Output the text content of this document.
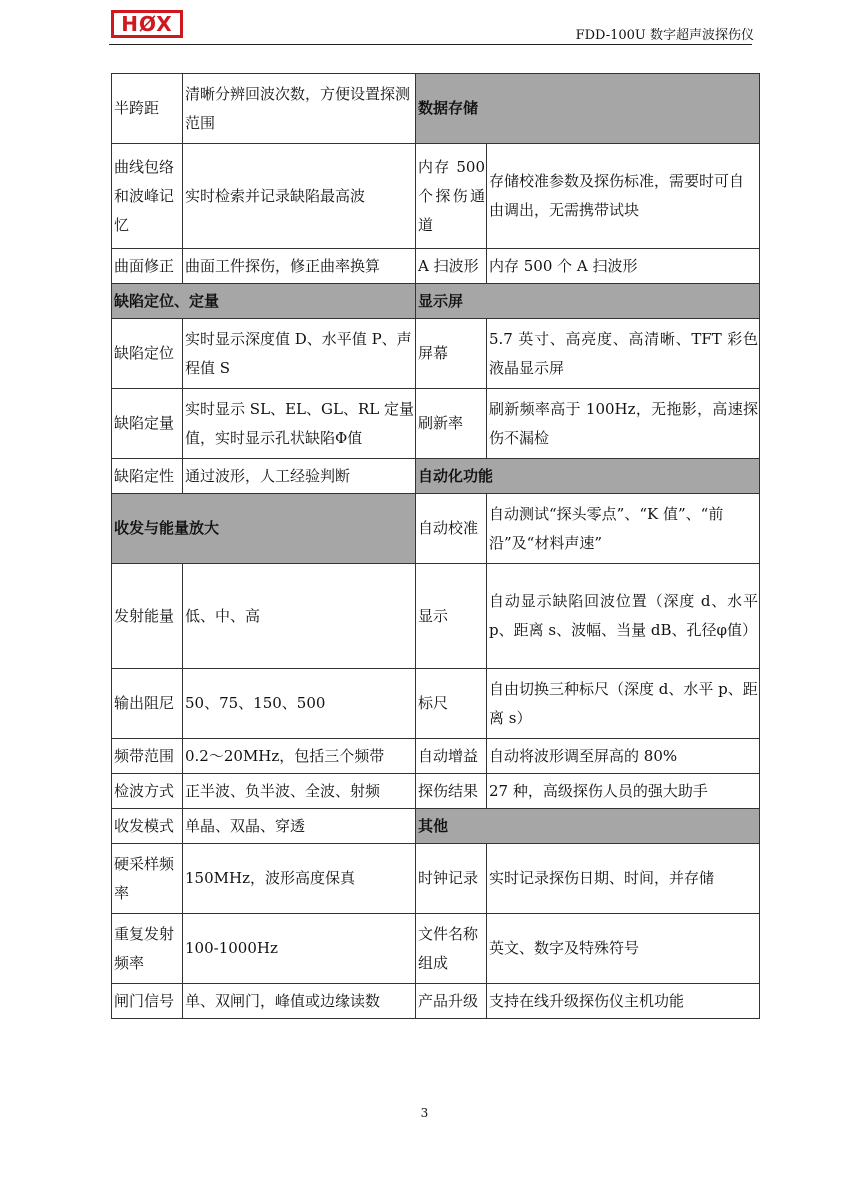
HØX	FDD-100U 数字超声波探伤仪
半跨距	清晰分辨回波次数，方便设置探测范围	数据存储	
曲线包络和波峰记忆	实时检索并记录缺陷最高波	内存 500 个探伤通道	存储校准参数及探伤标准，需要时可自由调出，无需携带试块
曲面修正	曲面工件探伤，修正曲率换算	A 扫波形	内存 500 个 A 扫波形
缺陷定位、定量		显示屏	
缺陷定位	实时显示深度值 D、水平值 P、声程值 S	屏幕	5.7 英寸、高亮度、高清晰、TFT 彩色液晶显示屏
缺陷定量	实时显示 SL、EL、GL、RL 定量值，实时显示孔状缺陷Φ值	刷新率	刷新频率高于 100Hz，无拖影，高速探伤不漏检
缺陷定性	通过波形，人工经验判断	自动化功能	
收发与能量放大		自动校准	自动测试“探头零点”、“K 值”、“前沿”及“材料声速”
发射能量	低、中、高	显示	自动显示缺陷回波位置（深度 d、水平 p、距离 s、波幅、当量 dB、孔径φ值）
输出阻尼	50、75、150、500	标尺	自由切换三种标尺（深度 d、水平 p、距离 s）
频带范围	0.2～20MHz，包括三个频带	自动增益	自动将波形调至屏高的 80%
检波方式	正半波、负半波、全波、射频	探伤结果	27 种，高级探伤人员的强大助手
收发模式	单晶、双晶、穿透	其他	
硬采样频率	150MHz，波形高度保真	时钟记录	实时记录探伤日期、时间，并存储
重复发射频率	100-1000Hz	文件名称组成	英文、数字及特殊符号
闸门信号	单、双闸门，峰值或边缘读数	产品升级	支持在线升级探伤仪主机功能
3
